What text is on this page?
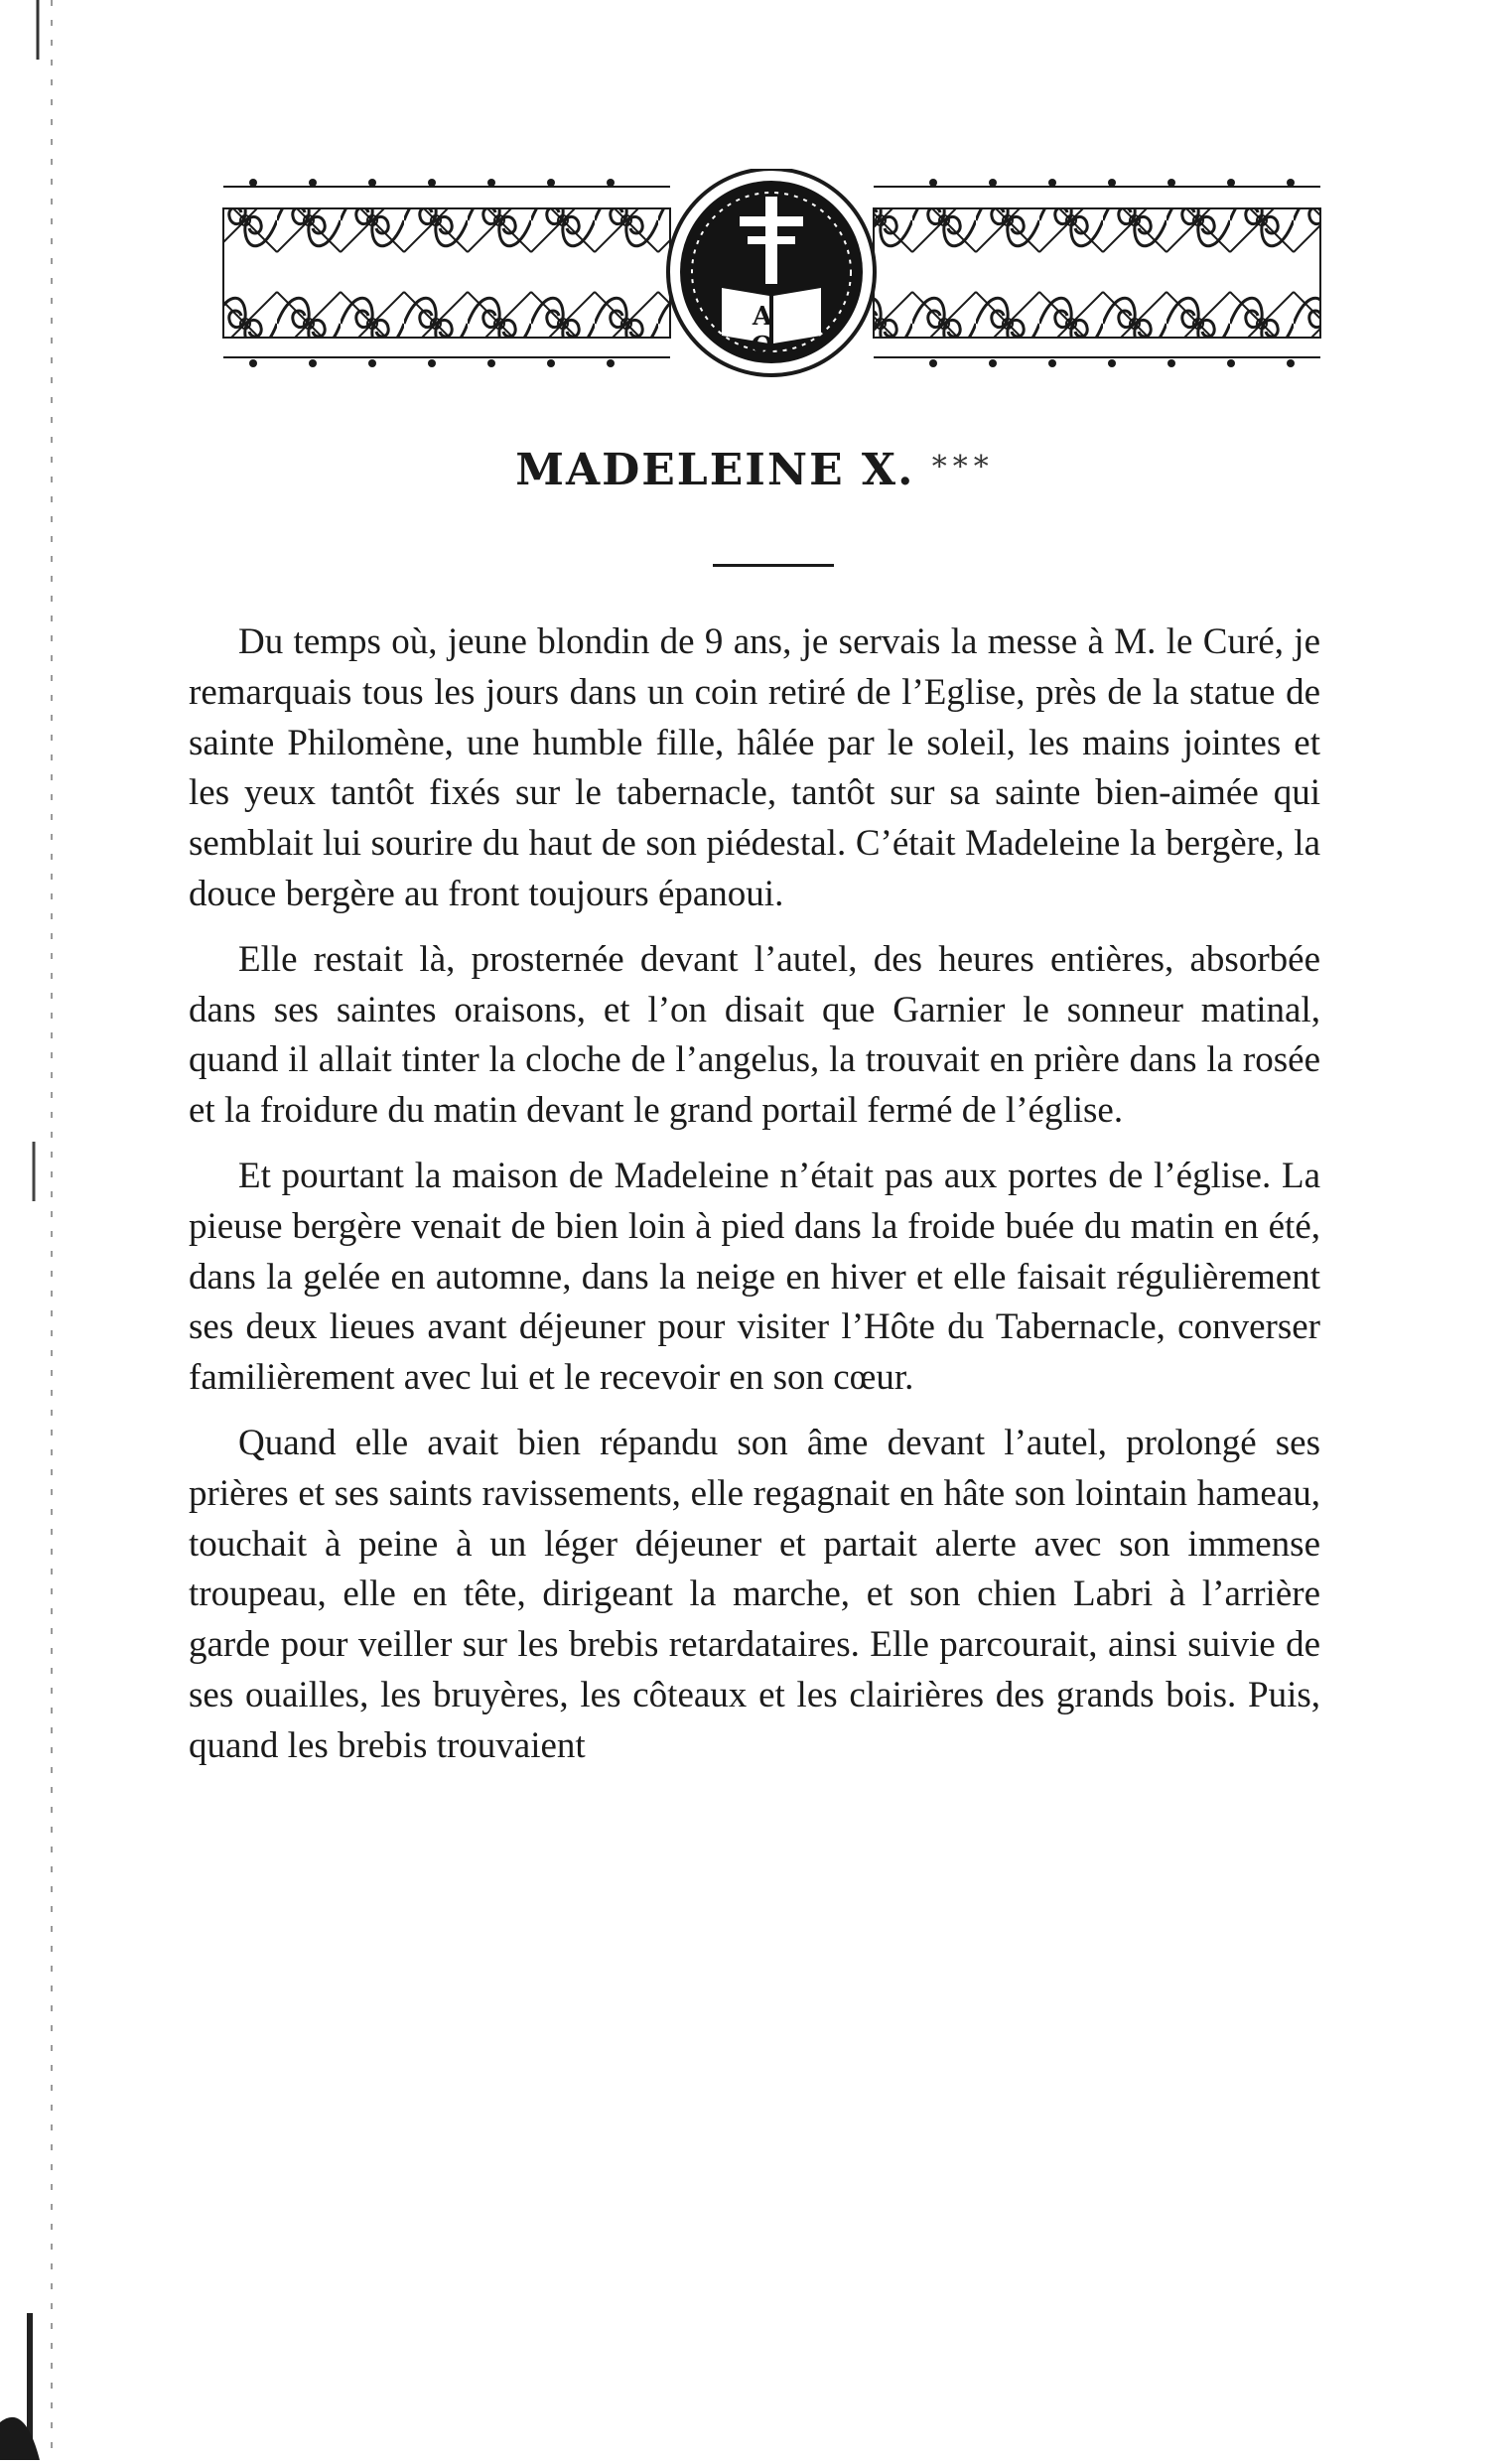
Α Ω
MADELEINE X. ***

Du temps où, jeune blondin de 9 ans, je servais la messe à M. le Curé, je remarquais tous les jours dans un coin retiré de l’Eglise, près de la statue de sainte Philomène, une humble fille, hâlée par le soleil, les mains jointes et les yeux tantôt fixés sur le tabernacle, tantôt sur sa sainte bien-aimée qui semblait lui sourire du haut de son piédestal. C’était Madeleine la bergère, la douce bergère au front toujours épanoui.

Elle restait là, prosternée devant l’autel, des heures entières, absorbée dans ses saintes oraisons, et l’on disait que Garnier le sonneur matinal, quand il allait tinter la cloche de l’angelus, la trouvait en prière dans la rosée et la froidure du matin devant le grand portail fermé de l’église.

Et pourtant la maison de Madeleine n’était pas aux portes de l’église. La pieuse bergère venait de bien loin à pied dans la froide buée du matin en été, dans la gelée en automne, dans la neige en hiver et elle faisait régulièrement ses deux lieues avant déjeuner pour visiter l’Hôte du Tabernacle, converser familièrement avec lui et le recevoir en son cœur.

Quand elle avait bien répandu son âme devant l’autel, prolongé ses prières et ses saints ravissements, elle regagnait en hâte son lointain hameau, touchait à peine à un léger déjeuner et partait alerte avec son immense troupeau, elle en tête, dirigeant la marche, et son chien Labri à l’arrière garde pour veiller sur les brebis retardataires. Elle parcourait, ainsi suivie de ses ouailles, les bruyères, les côteaux et les clairières des grands bois. Puis, quand les brebis trouvaient
